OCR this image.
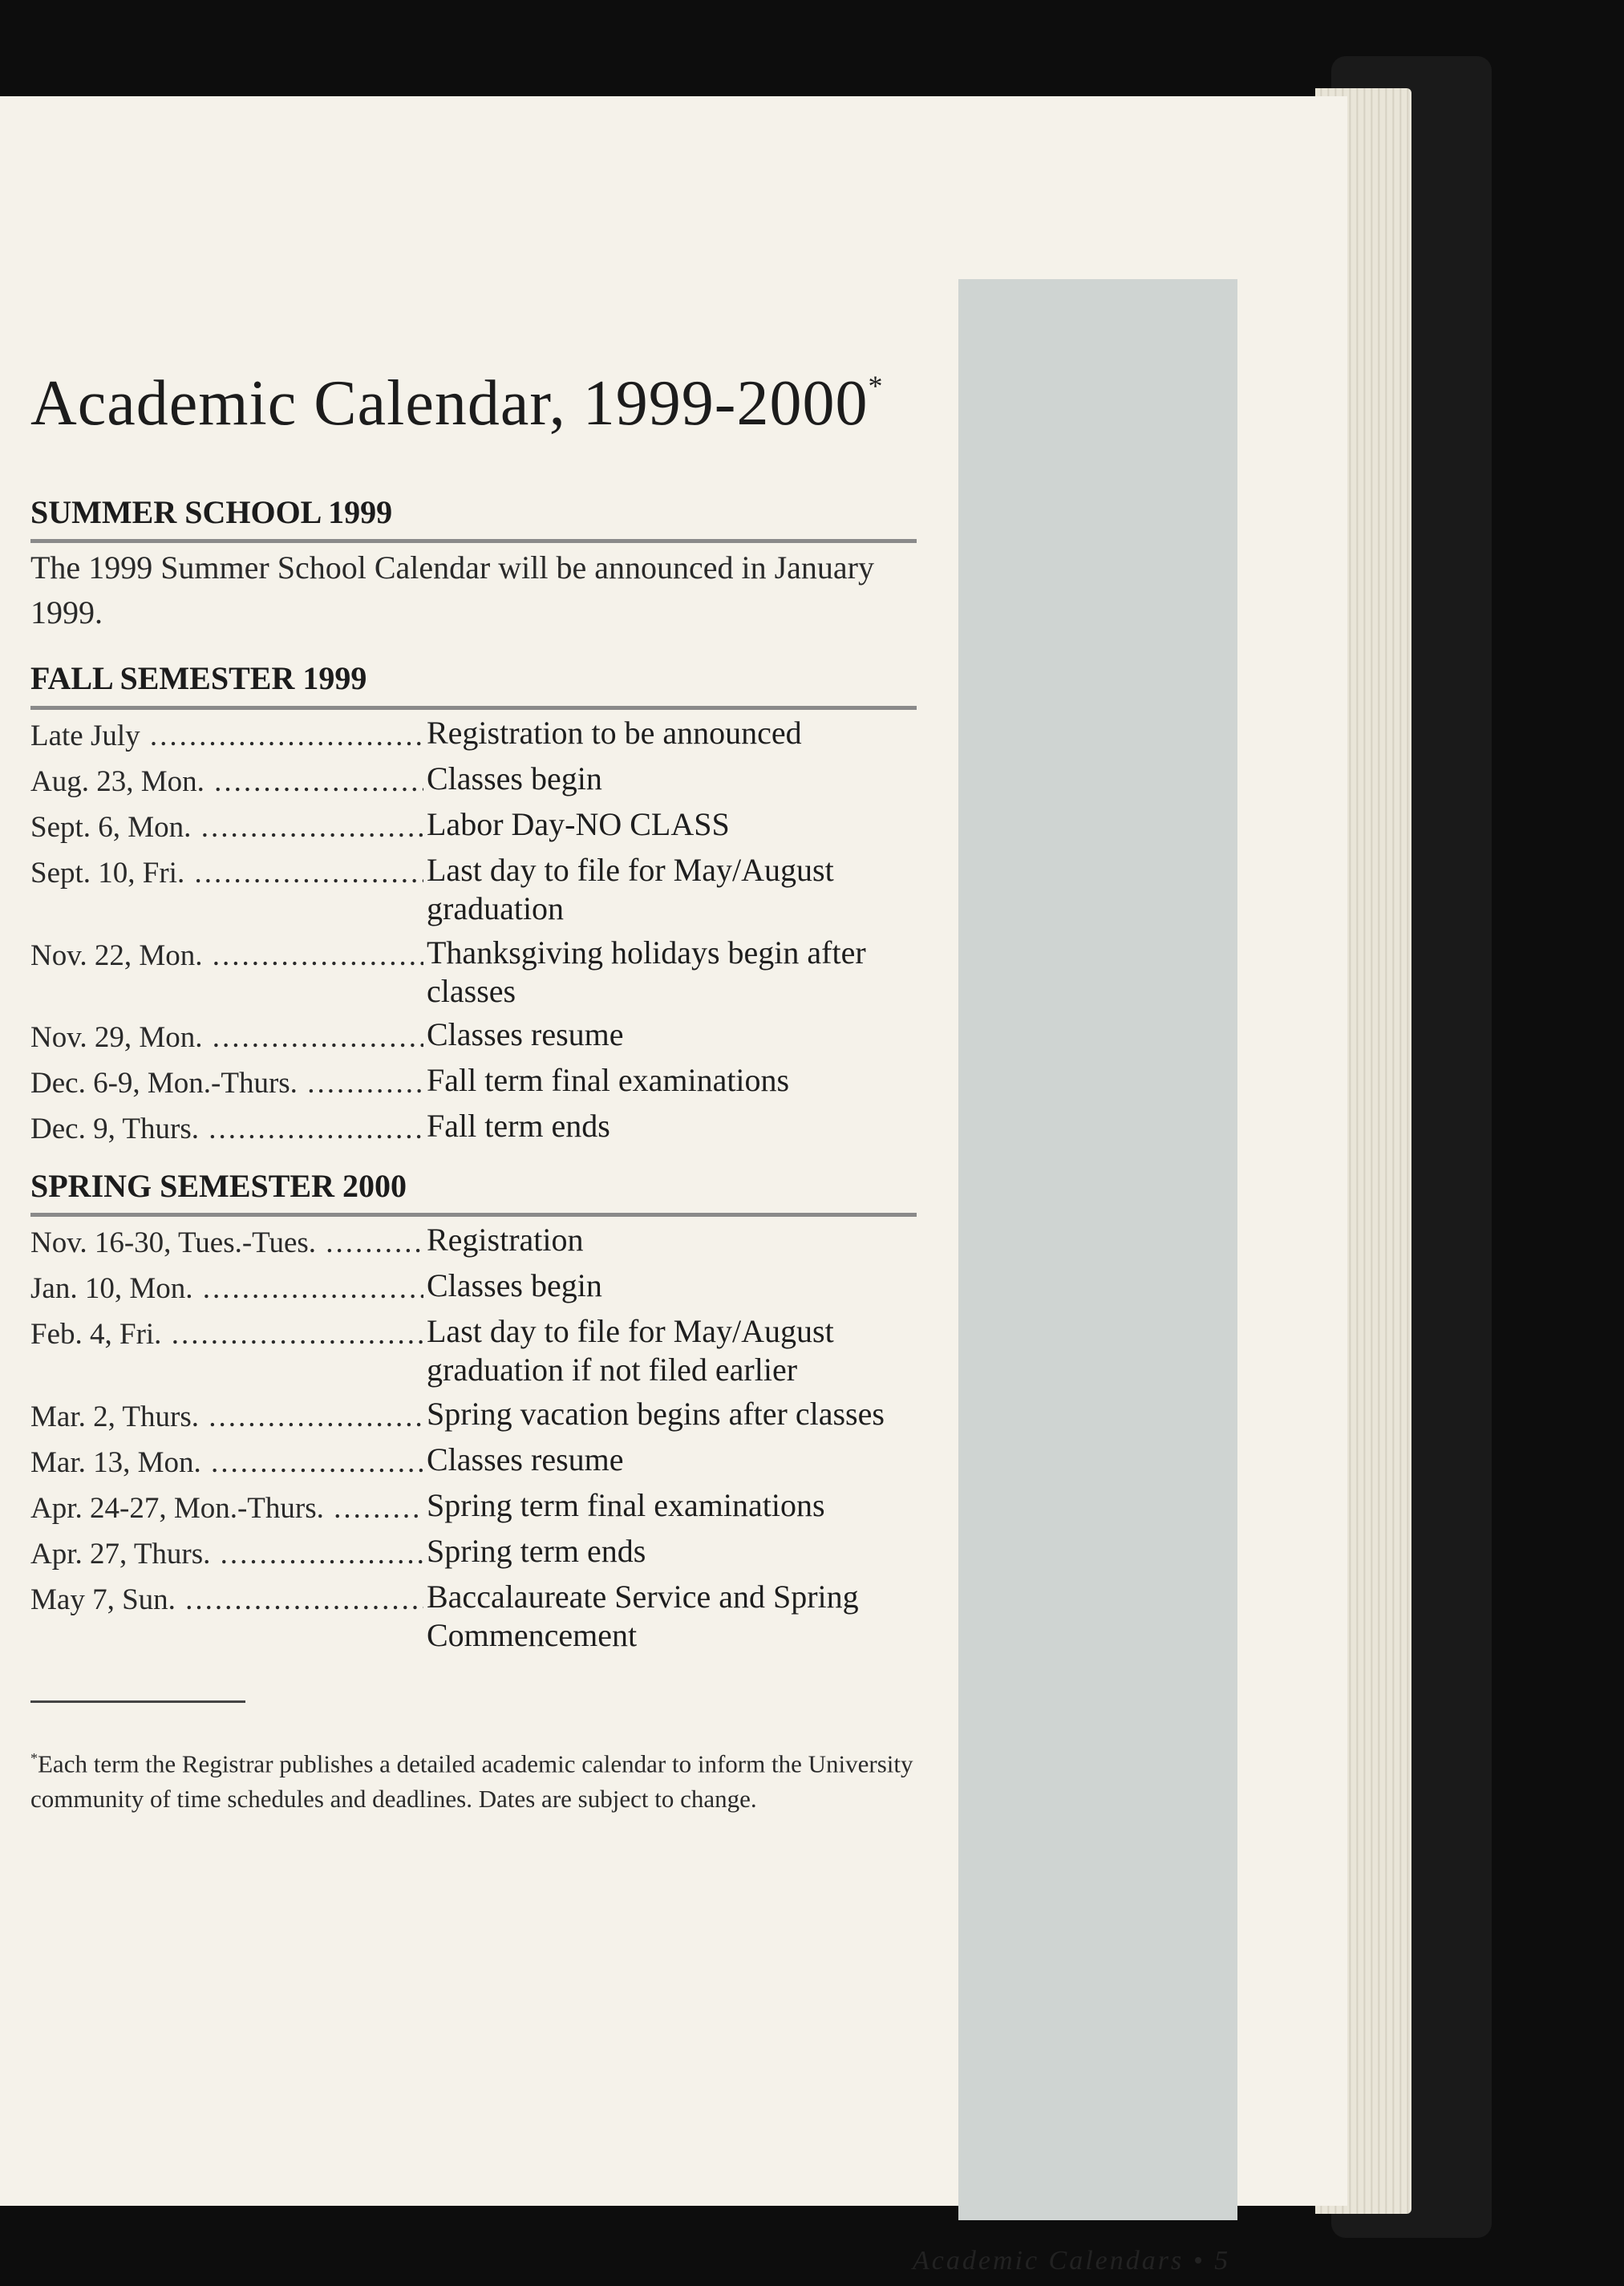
Academic Calendar, 1999-2000*
SUMMER SCHOOL 1999
The 1999 Summer School Calendar will be announced in January 1999.
FALL SEMESTER 1999
Late July .....	Registration to be announced
Aug. 23, Mon. .....	Classes begin
Sept. 6, Mon. .....	Labor Day-NO CLASS
Sept. 10, Fri. .....	Last day to file for May/August graduation
Nov. 22, Mon. .....	Thanksgiving holidays begin after classes
Nov. 29, Mon. .....	Classes resume
Dec. 6-9, Mon.-Thurs. .....	Fall term final examinations
Dec. 9, Thurs. .....	Fall term ends
SPRING SEMESTER 2000
Nov. 16-30, Tues.-Tues. .....	Registration
Jan. 10, Mon. .....	Classes begin
Feb. 4, Fri. .....	Last day to file for May/August graduation if not filed earlier
Mar. 2, Thurs. .....	Spring vacation begins after classes
Mar. 13, Mon. .....	Classes resume
Apr. 24-27, Mon.-Thurs. .....	Spring term final examinations
Apr. 27, Thurs. .....	Spring term ends
May 7, Sun. .....	Baccalaureate Service and Spring Commencement
*Each term the Registrar publishes a detailed academic calendar to inform the University community of time schedules and deadlines. Dates are subject to change.
Academic Calendars • 5
